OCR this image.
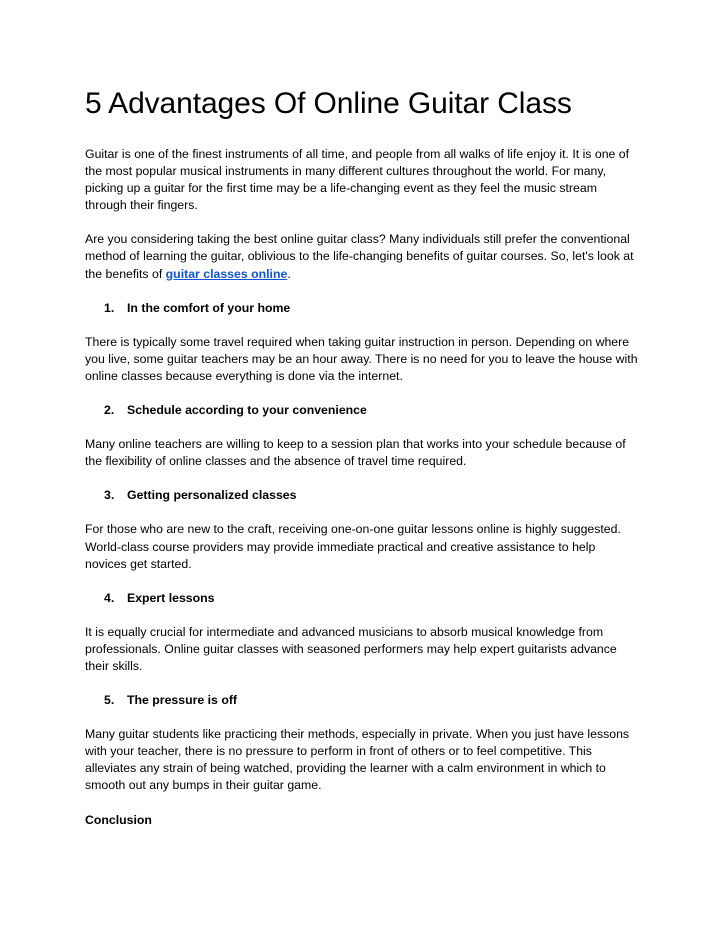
5 Advantages Of Online Guitar Class

Guitar is one of the finest instruments of all time, and people from all walks of life enjoy it. It is one of the most popular musical instruments in many different cultures throughout the world. For many, picking up a guitar for the first time may be a life-changing event as they feel the music stream through their fingers.

Are you considering taking the best online guitar class? Many individuals still prefer the conventional method of learning the guitar, oblivious to the life-changing benefits of guitar courses. So, let's look at the benefits of guitar classes online.

1.	In the comfort of your home

There is typically some travel required when taking guitar instruction in person. Depending on where you live, some guitar teachers may be an hour away. There is no need for you to leave the house with online classes because everything is done via the internet.

2.	Schedule according to your convenience

Many online teachers are willing to keep to a session plan that works into your schedule because of the flexibility of online classes and the absence of travel time required.

3.	Getting personalized classes

For those who are new to the craft, receiving one-on-one guitar lessons online is highly suggested. World-class course providers may provide immediate practical and creative assistance to help novices get started.

4.	Expert lessons

It is equally crucial for intermediate and advanced musicians to absorb musical knowledge from professionals. Online guitar classes with seasoned performers may help expert guitarists advance their skills.

5.	The pressure is off

Many guitar students like practicing their methods, especially in private. When you just have lessons with your teacher, there is no pressure to perform in front of others or to feel competitive. This alleviates any strain of being watched, providing the learner with a calm environment in which to smooth out any bumps in their guitar game.

Conclusion
